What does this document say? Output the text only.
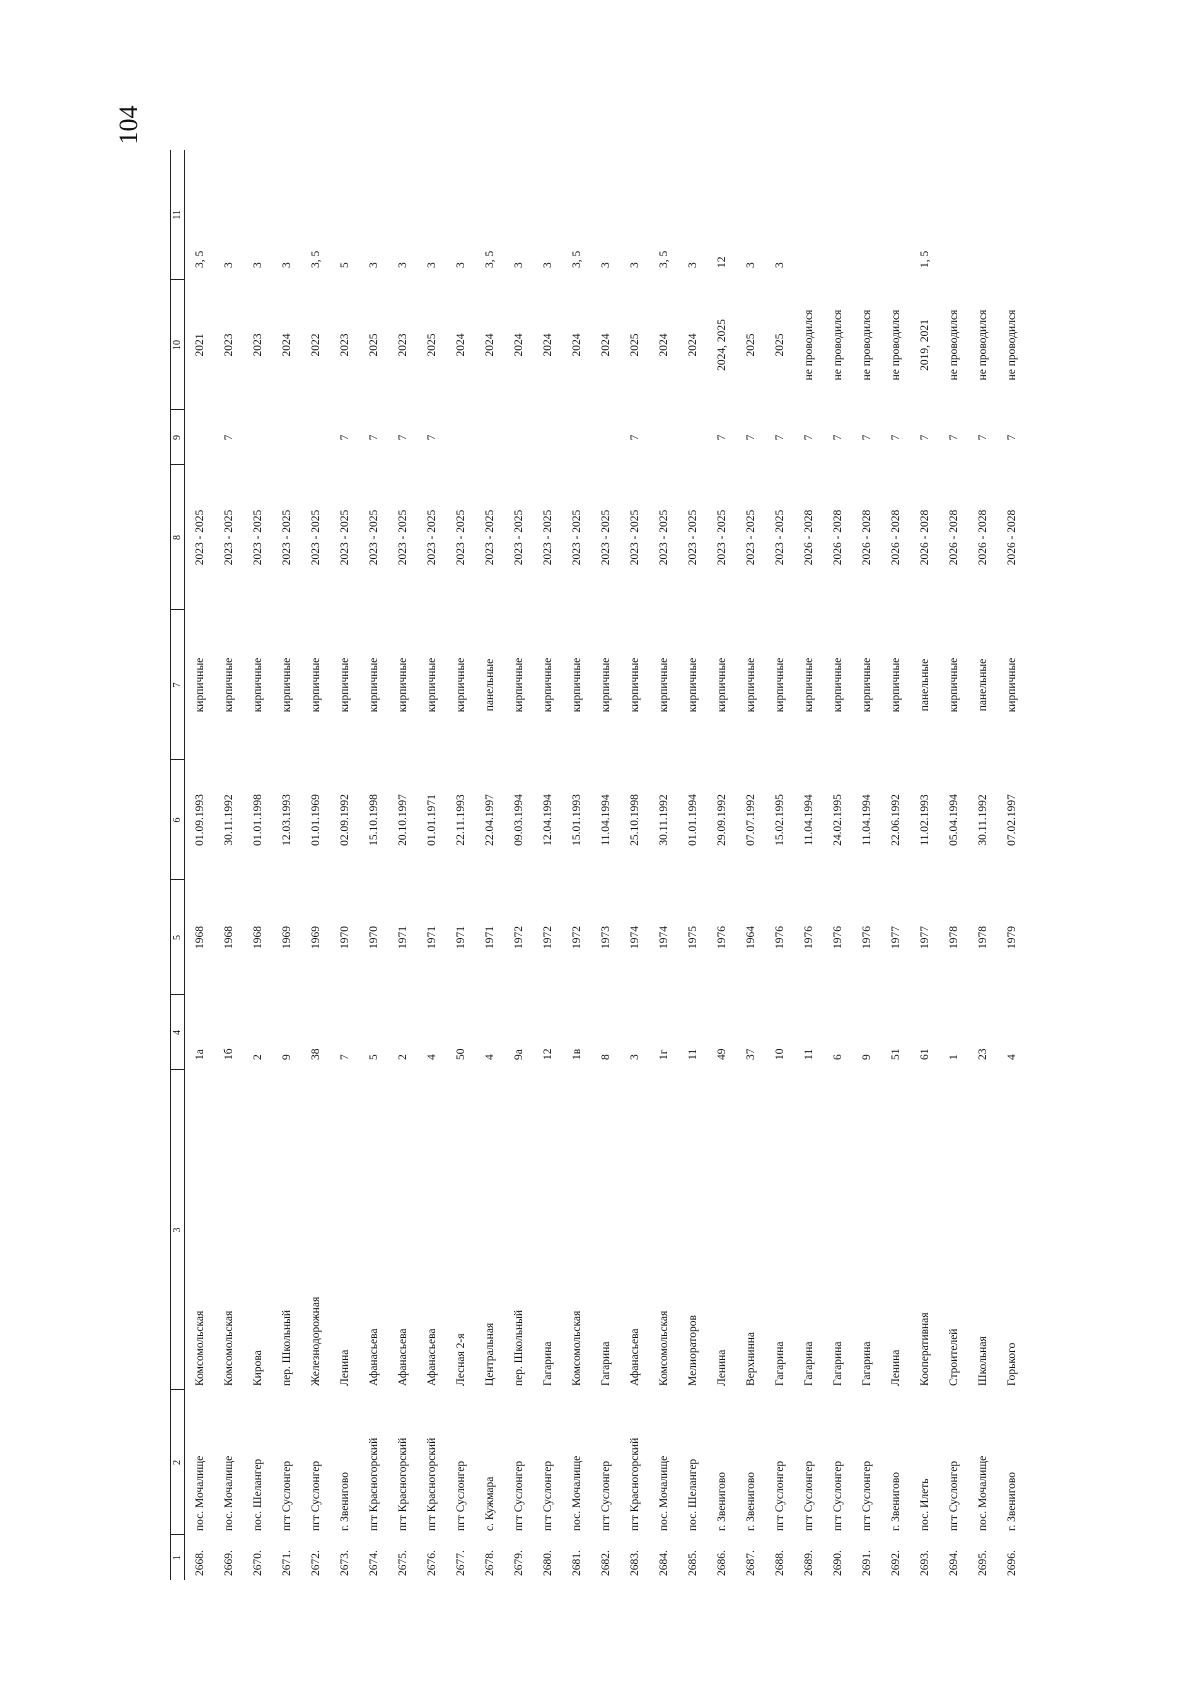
104
1	2	3	4	5	6	7	8	9	10	11
2668.	пос. Мочалище	Комсомольская	1а	1968	01.09.1993	кирпичные	2023 - 2025		2021	3, 5
2669.	пос. Мочалище	Комсомольская	1б	1968	30.11.1992	кирпичные	2023 - 2025	7	2023	3
2670.	пос. Шелангер	Кирова	2	1968	01.01.1998	кирпичные	2023 - 2025		2023	3
2671.	пгт Суслонгер	пер. Школьный	9	1969	12.03.1993	кирпичные	2023 - 2025		2024	3
2672.	пгт Суслонгер	Железнодорожная	38	1969	01.01.1969	кирпичные	2023 - 2025		2022	3, 5
2673.	г. Звенигово	Ленина	7	1970	02.09.1992	кирпичные	2023 - 2025	7	2023	5
2674.	пгт Красногорский	Афанасьева	5	1970	15.10.1998	кирпичные	2023 - 2025	7	2025	3
2675.	пгт Красногорский	Афанасьева	2	1971	20.10.1997	кирпичные	2023 - 2025	7	2023	3
2676.	пгт Красногорский	Афанасьева	4	1971	01.01.1971	кирпичные	2023 - 2025	7	2025	3
2677.	пгт Суслонгер	Лесная 2-я	50	1971	22.11.1993	кирпичные	2023 - 2025		2024	3
2678.	с. Кужмара	Центральная	4	1971	22.04.1997	панельные	2023 - 2025		2024	3, 5
2679.	пгт Суслонгер	пер. Школьный	9а	1972	09.03.1994	кирпичные	2023 - 2025		2024	3
2680.	пгт Суслонгер	Гагарина	12	1972	12.04.1994	кирпичные	2023 - 2025		2024	3
2681.	пос. Мочалище	Комсомольская	1в	1972	15.01.1993	кирпичные	2023 - 2025		2024	3, 5
2682.	пгт Суслонгер	Гагарина	8	1973	11.04.1994	кирпичные	2023 - 2025		2024	3
2683.	пгт Красногорский	Афанасьева	3	1974	25.10.1998	кирпичные	2023 - 2025	7	2025	3
2684.	пос. Мочалище	Комсомольская	1г	1974	30.11.1992	кирпичные	2023 - 2025		2024	3, 5
2685.	пос. Шелангер	Мелиораторов	11	1975	01.01.1994	кирпичные	2023 - 2025		2024	3
2686.	г. Звенигово	Ленина	49	1976	29.09.1992	кирпичные	2023 - 2025	7	2024, 2025	12
2687.	г. Звенигово	Верхнинна	37	1964	07.07.1992	кирпичные	2023 - 2025	7	2025	3
2688.	пгт Суслонгер	Гагарина	10	1976	15.02.1995	кирпичные	2023 - 2025	7	2025	3
2689.	пгт Суслонгер	Гагарина	11	1976	11.04.1994	кирпичные	2026 - 2028	7	не проводился	
2690.	пгт Суслонгер	Гагарина	6	1976	24.02.1995	кирпичные	2026 - 2028	7	не проводился	
2691.	пгт Суслонгер	Гагарина	9	1976	11.04.1994	кирпичные	2026 - 2028	7	не проводился	
2692.	г. Звенигово	Ленина	51	1977	22.06.1992	кирпичные	2026 - 2028	7	не проводился	
2693.	пос. Илеть	Кооперативная	61	1977	11.02.1993	панельные	2026 - 2028	7	2019, 2021	1, 5
2694.	пгт Суслонгер	Строителей	1	1978	05.04.1994	кирпичные	2026 - 2028	7	не проводился	
2695.	пос. Мочалище	Школьная	23	1978	30.11.1992	панельные	2026 - 2028	7	не проводился	
2696.	г. Звенигово	Горького	4	1979	07.02.1997	кирпичные	2026 - 2028	7	не проводился	
